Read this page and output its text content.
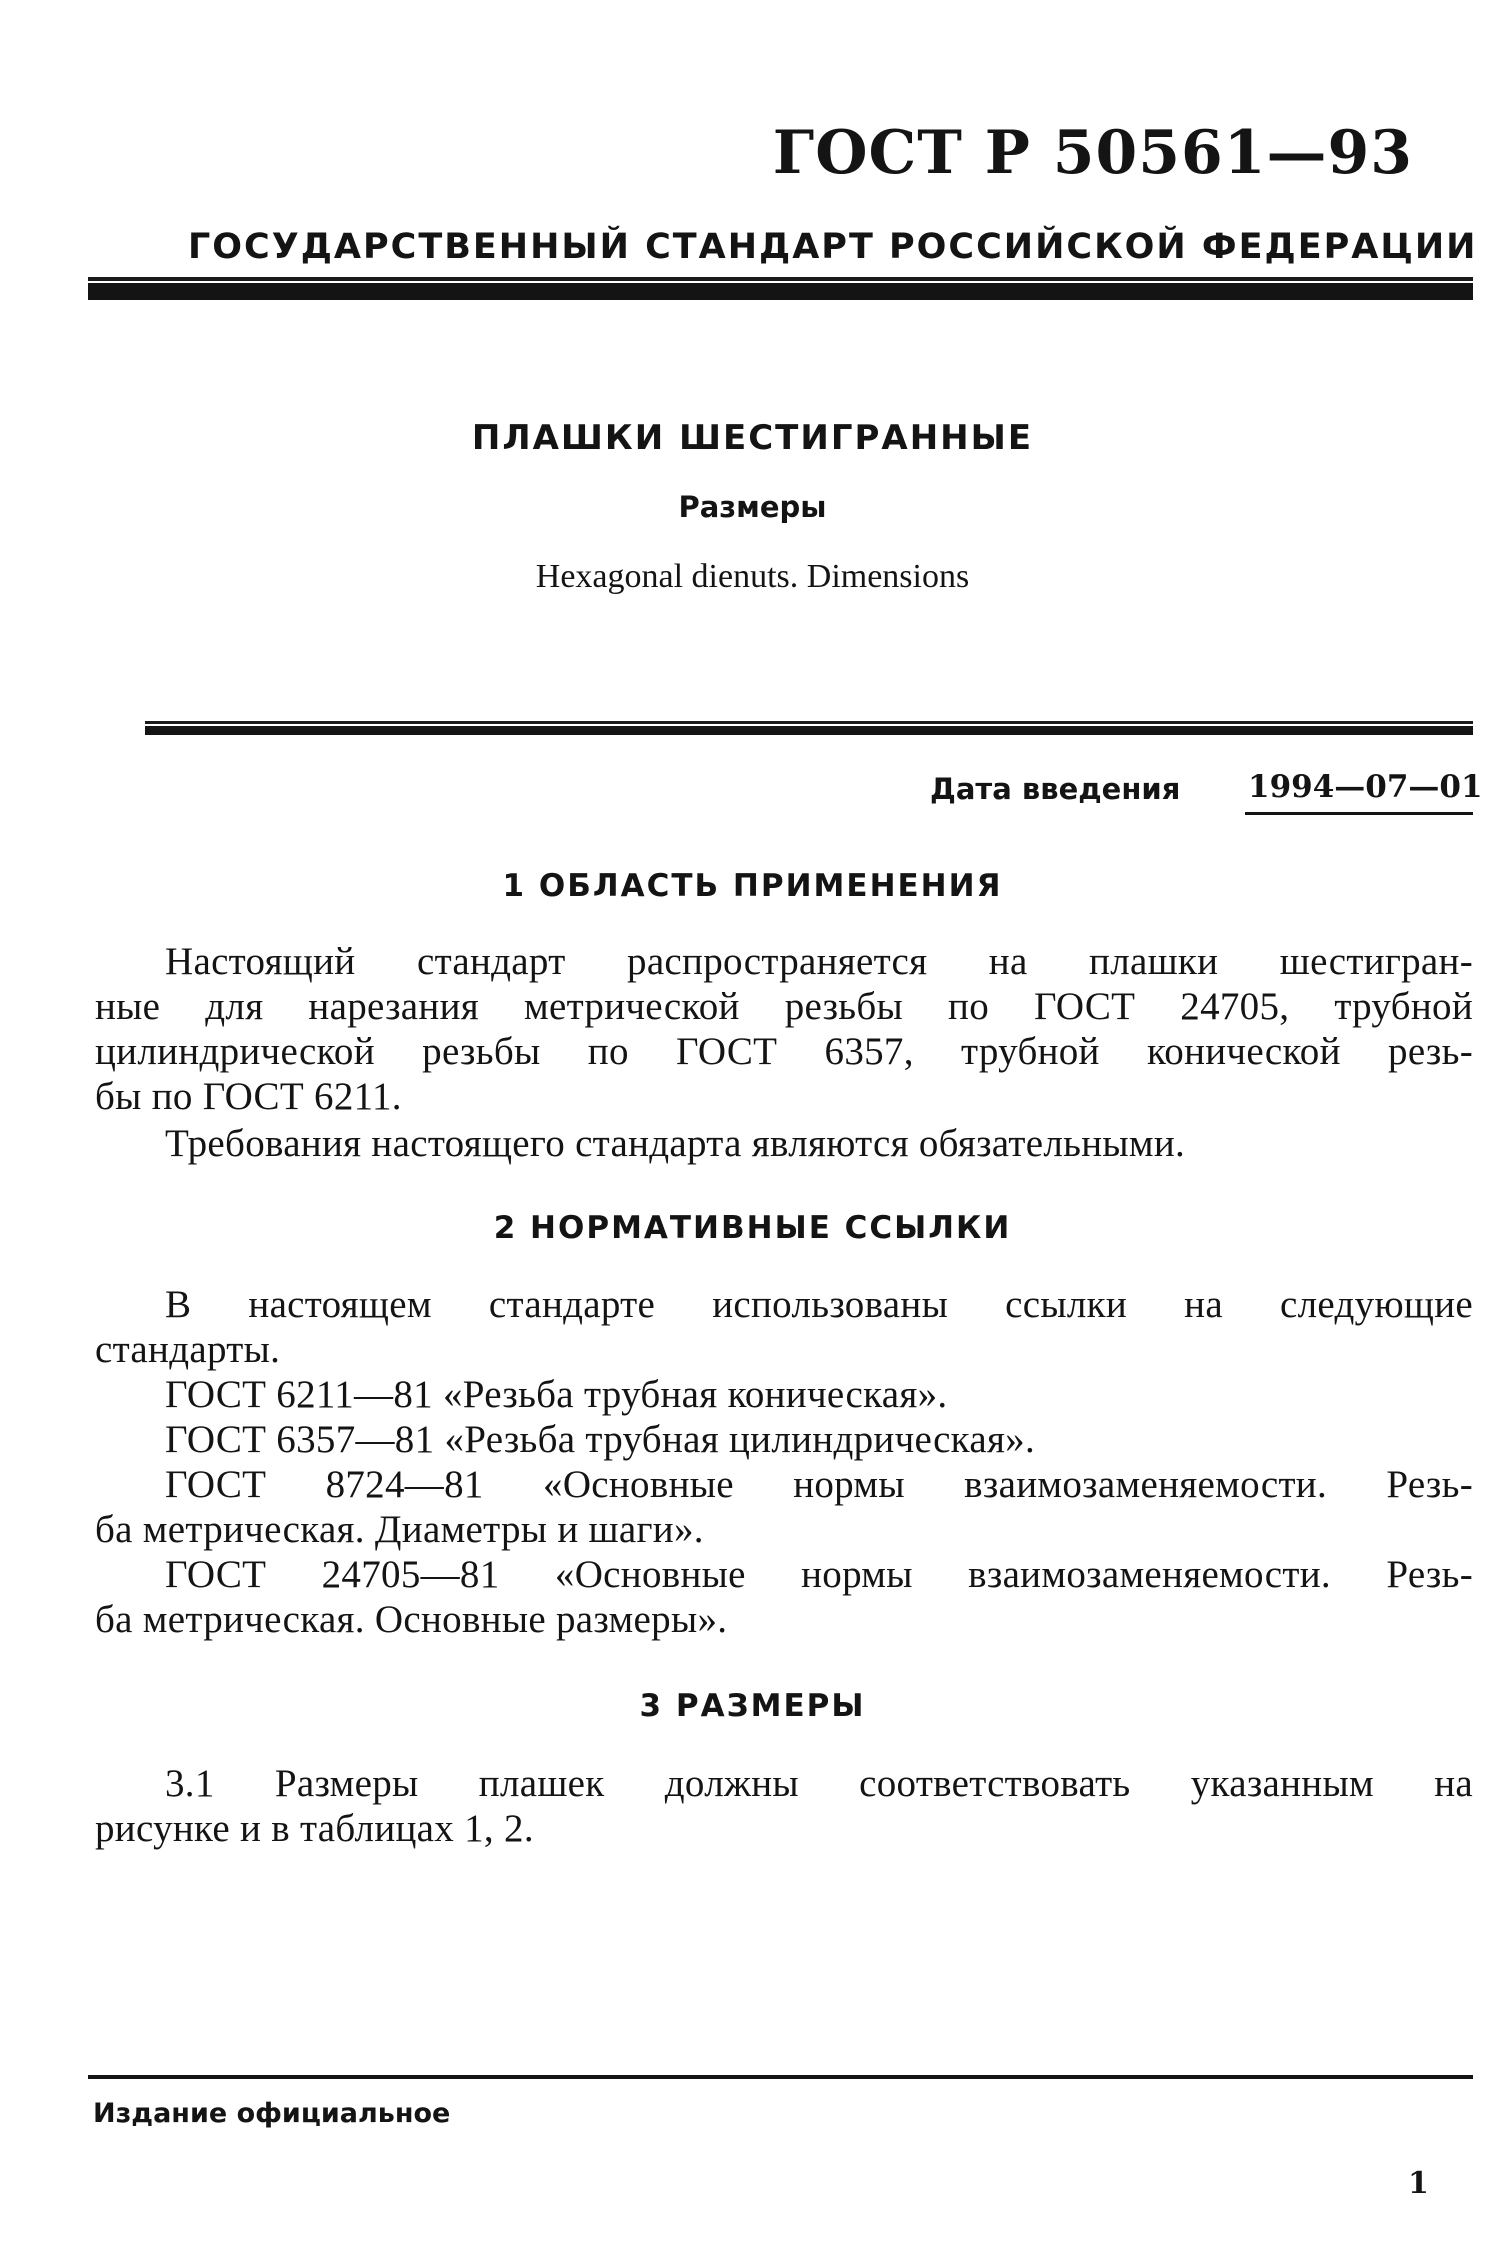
ГОСТ Р 50561—93
ГОСУДАРСТВЕННЫЙ СТАНДАРТ РОССИЙСКОЙ ФЕДЕРАЦИИ
ПЛАШКИ ШЕСТИГРАННЫЕ
Размеры
Hexagonal dienuts. Dimensions
Дата введения 1994—07—01
1 ОБЛАСТЬ ПРИМЕНЕНИЯ
Настоящий стандарт распространяется на плашки шестигран-
ные для нарезания метрической резьбы по ГОСТ 24705, трубной
цилиндрической резьбы по ГОСТ 6357, трубной конической резь-
бы по ГОСТ 6211.
Требования настоящего стандарта являются обязательными.
2 НОРМАТИВНЫЕ ССЫЛКИ
В настоящем стандарте использованы ссылки на следующие
стандарты.
ГОСТ 6211—81 «Резьба трубная коническая».
ГОСТ 6357—81 «Резьба трубная цилиндрическая».
ГОСТ 8724—81 «Основные нормы взаимозаменяемости. Резь-
ба метрическая. Диаметры и шаги».
ГОСТ 24705—81 «Основные нормы взаимозаменяемости. Резь-
ба метрическая. Основные размеры».
3 РАЗМЕРЫ
3.1 Размеры плашек должны соответствовать указанным на
рисунке и в таблицах 1, 2.
Издание официальное
1
